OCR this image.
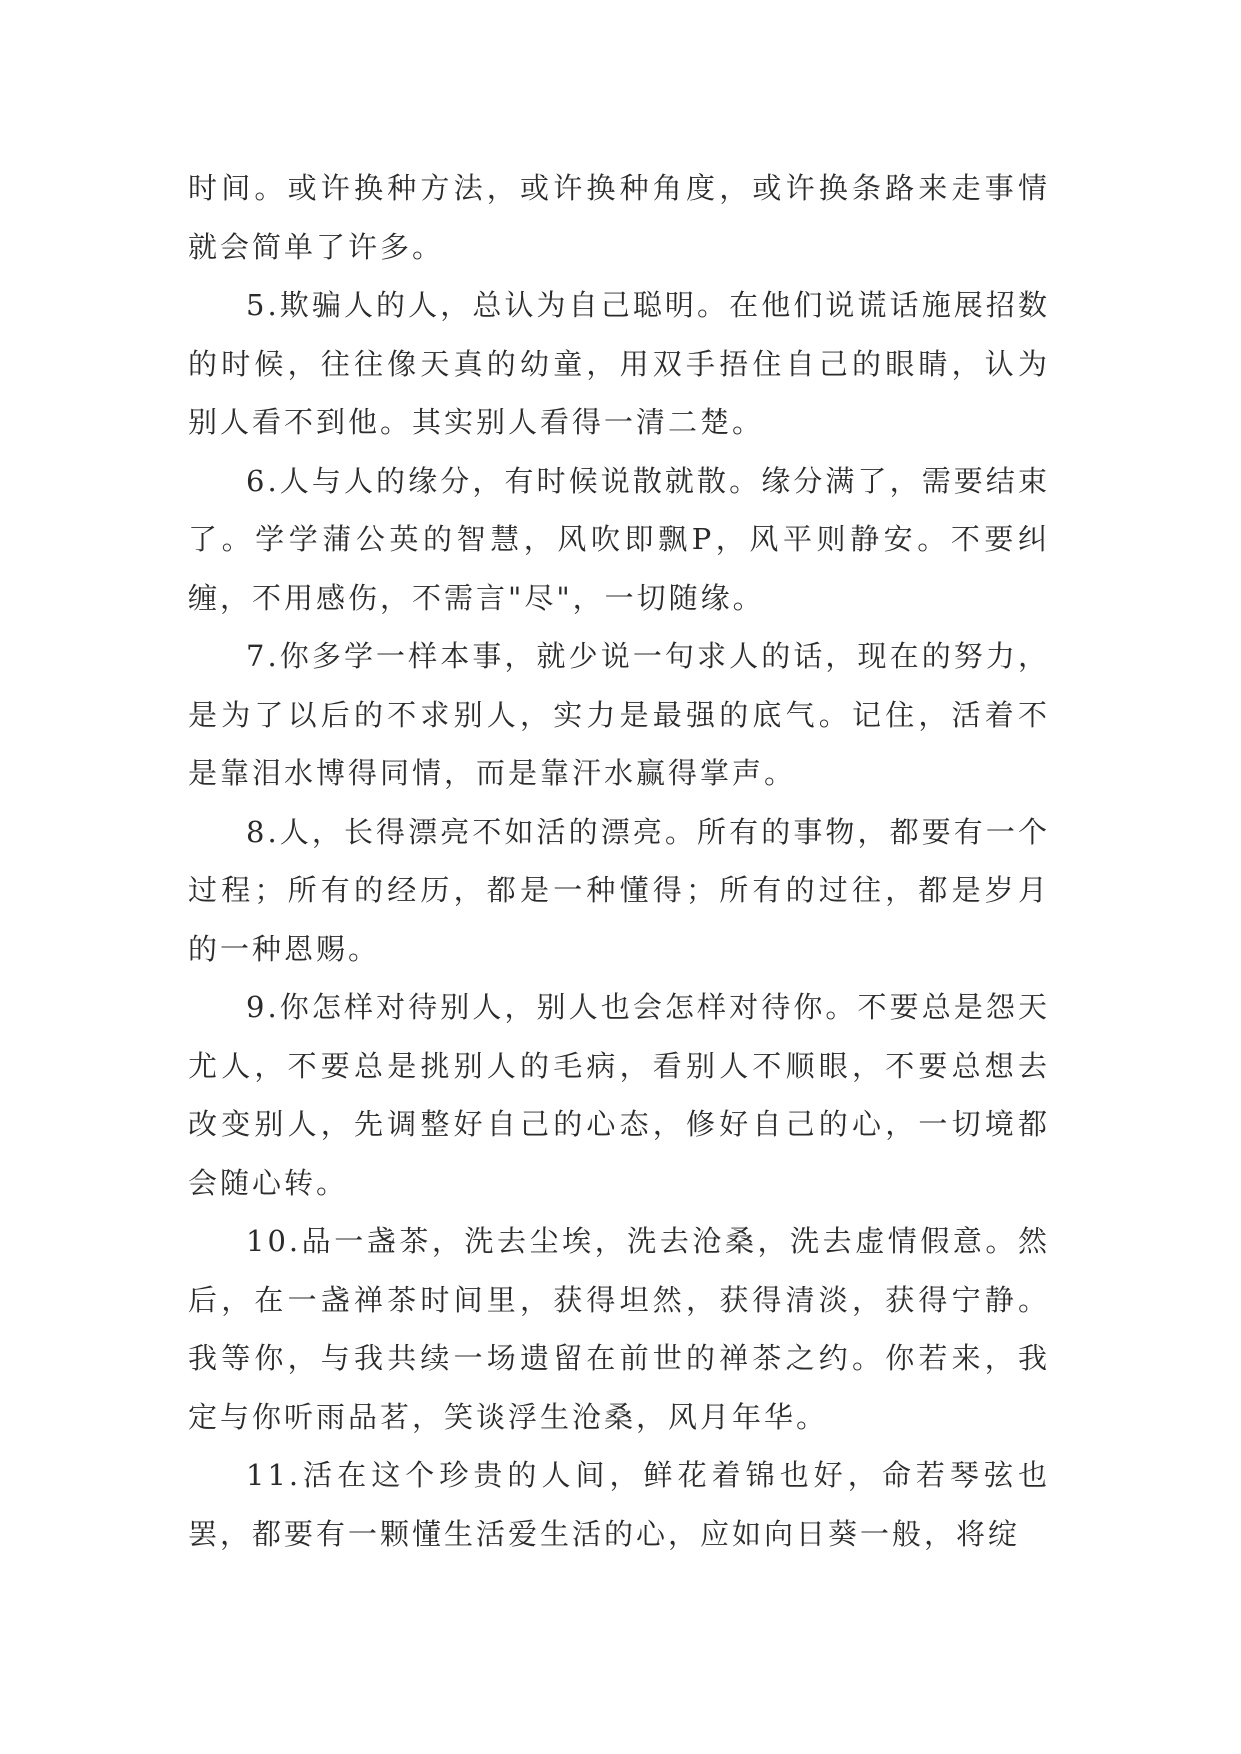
时间。或许换种方法，或许换种角度，或许换条路来走事情就会简单了许多。

5.欺骗人的人，总认为自己聪明。在他们说谎话施展招数的时候，往往像天真的幼童，用双手捂住自己的眼睛，认为别人看不到他。其实别人看得一清二楚。

6.人与人的缘分，有时候说散就散。缘分满了，需要结束了。学学蒲公英的智慧，风吹即飘P，风平则静安。不要纠缠，不用感伤，不需言"尽"，一切随缘。

7.你多学一样本事，就少说一句求人的话，现在的努力，是为了以后的不求别人，实力是最强的底气。记住，活着不是靠泪水博得同情，而是靠汗水赢得掌声。

8.人，长得漂亮不如活的漂亮。所有的事物，都要有一个过程；所有的经历，都是一种懂得；所有的过往，都是岁月的一种恩赐。

9.你怎样对待别人，别人也会怎样对待你。不要总是怨天尤人，不要总是挑别人的毛病，看别人不顺眼，不要总想去改变别人，先调整好自己的心态，修好自己的心，一切境都会随心转。

10.品一盏茶，洗去尘埃，洗去沧桑，洗去虚情假意。然后，在一盏禅茶时间里，获得坦然，获得清淡，获得宁静。我等你，与我共续一场遗留在前世的禅茶之约。你若来，我定与你听雨品茗，笑谈浮生沧桑，风月年华。

11.活在这个珍贵的人间，鲜花着锦也好，命若琴弦也罢，都要有一颗懂生活爱生活的心，应如向日葵一般，将绽
